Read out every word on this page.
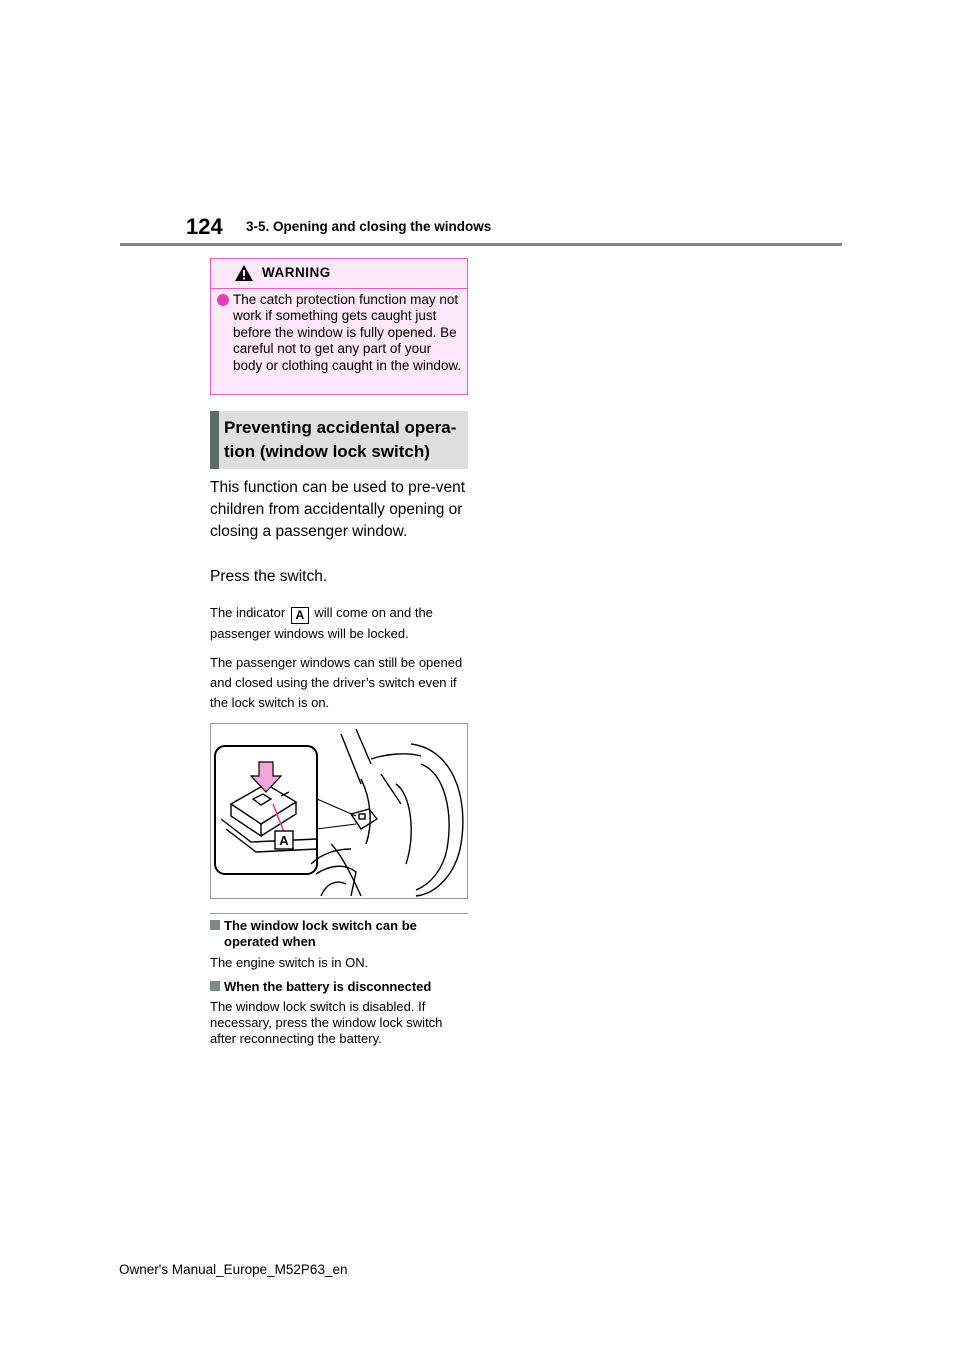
124 3-5. Opening and closing the windows
WARNING
The catch protection function may not work if something gets caught just before the window is fully opened. Be careful not to get any part of your body or clothing caught in the window.
Preventing accidental opera-tion (window lock switch)
This function can be used to pre-vent children from accidentally opening or closing a passenger window.
Press the switch.
The indicator A will come on and the passenger windows will be locked.
The passenger windows can still be opened and closed using the driver’s switch even if the lock switch is on.
A
The window lock switch can be operated when
The engine switch is in ON.
When the battery is disconnected
The window lock switch is disabled. If necessary, press the window lock switch after reconnecting the battery.
Owner's Manual_Europe_M52P63_en
